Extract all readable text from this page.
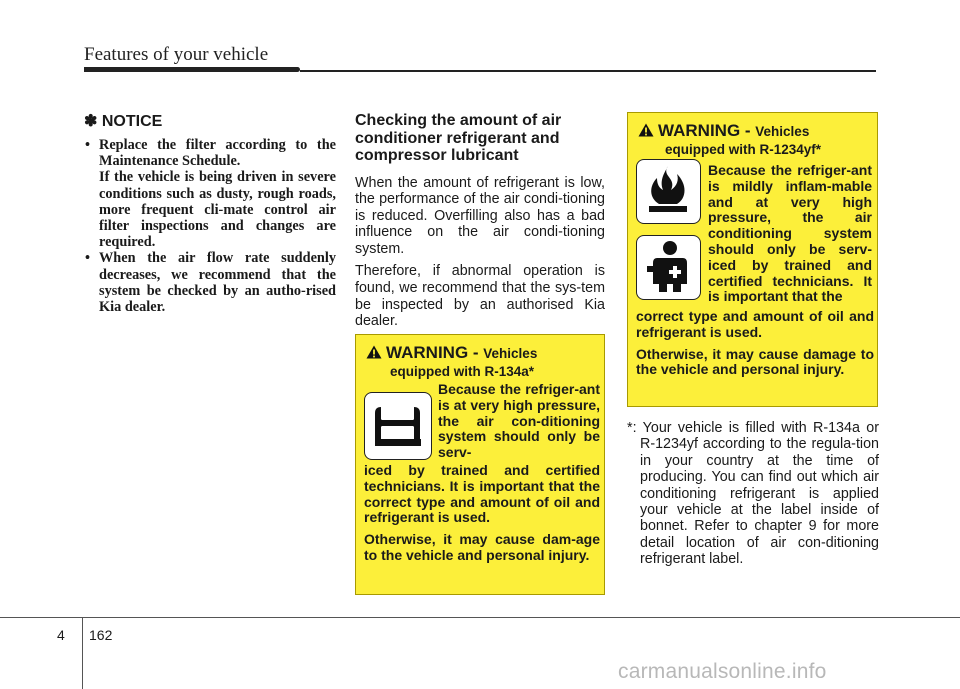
Features of your vehicle
✽ NOTICE
• Replace the filter according to the Maintenance Schedule.

If the vehicle is being driven in severe conditions such as dusty, rough roads, more frequent cli-mate control air filter inspections and changes are required.

• When the air flow rate suddenly decreases, we recommend that the system be checked by an autho-rised Kia dealer.

Checking the amount of air conditioner refrigerant and compressor lubricant

When the amount of refrigerant is low, the performance of the air condi-tioning is reduced. Overfilling also has a bad influence on the air condi-tioning system.

Therefore, if abnormal operation is found, we recommend that the sys-tem be inspected by an authorised Kia dealer.

WARNING - Vehicles
equipped with R-134a*
Because the refriger-ant is at very high pressure, the air con-ditioning system should only be serv-

iced by trained and certified technicians. It is important that the correct type and amount of oil and refrigerant is used.

Otherwise, it may cause dam-age to the vehicle and personal injury.

WARNING - Vehicles
equipped with R-1234yf*
Because the refriger-ant is mildly inflam-mable and at very high pressure, the air conditioning system should only be serv-iced by trained and certified technicians. It is important that the

correct type and amount of oil and refrigerant is used.

Otherwise, it may cause damage to the vehicle and personal injury.

*: Your vehicle is filled with R-134a or R-1234yf according to the regula-tion in your country at the time of producing. You can find out which air conditioning refrigerant is applied your vehicle at the label inside of bonnet. Refer to chapter 9 for more detail location of air con-ditioning refrigerant label.

4 162
carmanualsonline.info
